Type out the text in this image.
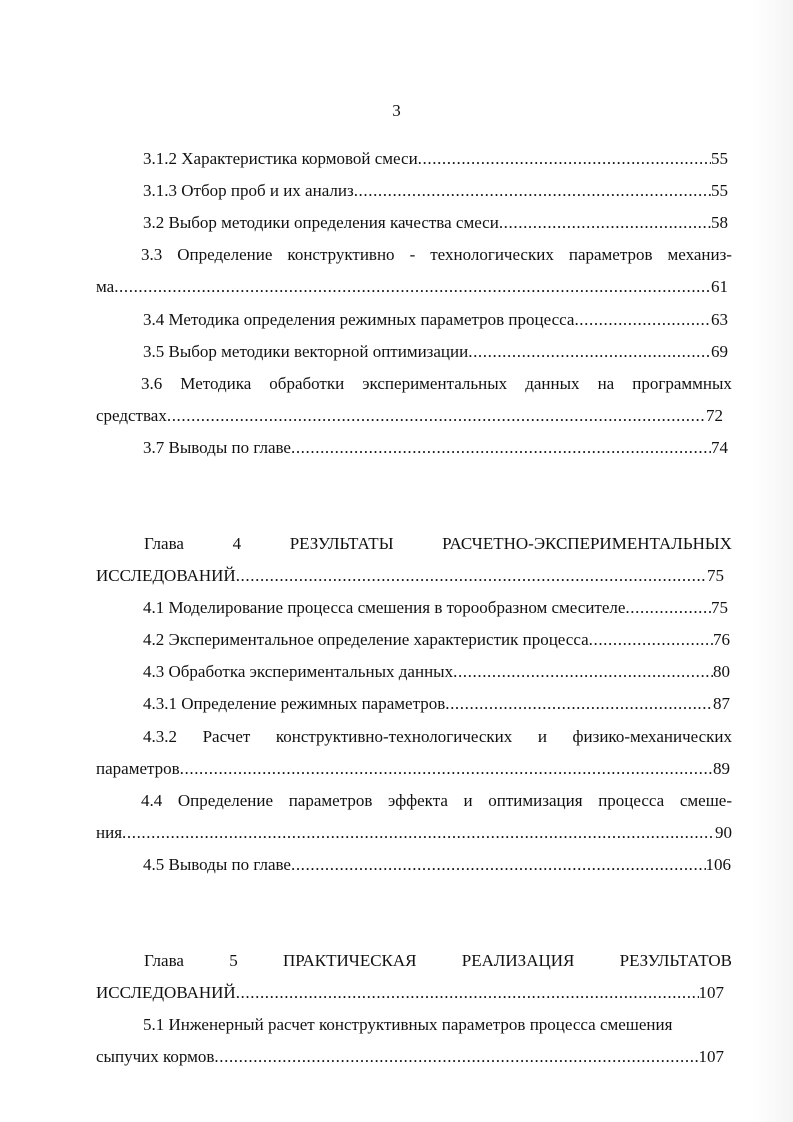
3
3.1.2 Характеристика кормовой смеси .....	55
3.1.3 Отбор проб и их анализ .....	55
3.2 Выбор методики определения качества смеси .....	58
3.3 Определение конструктивно - технологических параметров механиз-
ма .....	61
3.4 Методика определения режимных параметров процесса .....	63
3.5 Выбор методики векторной оптимизации .....	69
3.6 Методика обработки экспериментальных данных на программных
средствах .....	72
3.7 Выводы по главе .....	74
Глава	4	РЕЗУЛЬТАТЫ	РАСЧЕТНО-ЭКСПЕРИМЕНТАЛЬНЫХ
ИССЛЕДОВАНИЙ .....	75
4.1 Моделирование процесса смешения в торообразном смесителе .....	75
4.2 Экспериментальное определение характеристик процесса .....	76
4.3 Обработка экспериментальных данных .....	80
4.3.1 Определение режимных параметров .....	87
4.3.2 Расчет конструктивно-технологических и физико-механических
параметров .....	89
4.4 Определение параметров эффекта и оптимизация процесса смеше-
ния .....	90
4.5 Выводы по главе .....	106
Глава	5	ПРАКТИЧЕСКАЯ	РЕАЛИЗАЦИЯ	РЕЗУЛЬТАТОВ
ИССЛЕДОВАНИЙ .....	107
5.1 Инженерный расчет конструктивных параметров процесса смешения
сыпучих кормов .....	107
